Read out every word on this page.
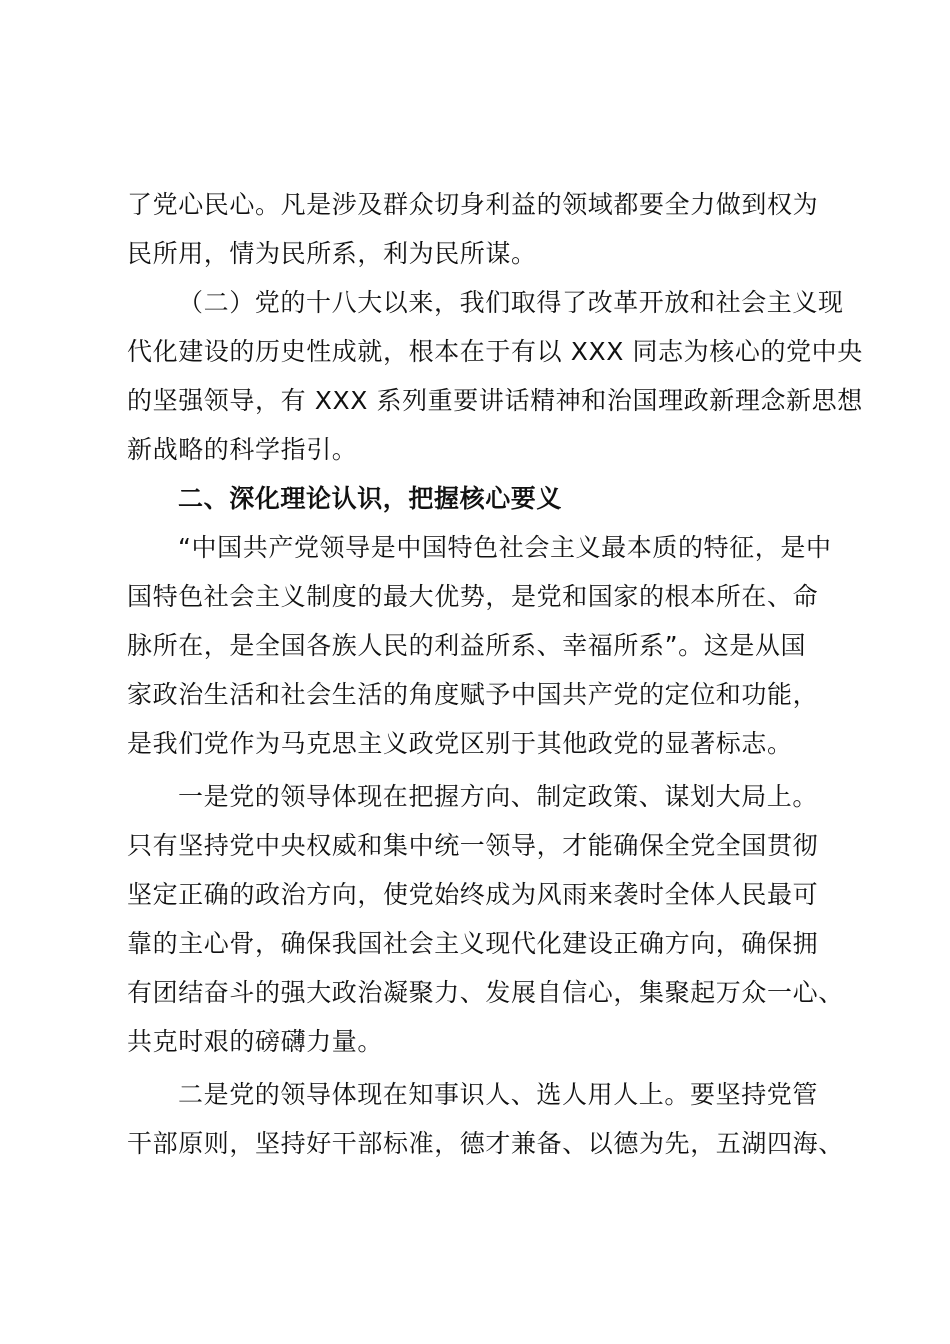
了党心民心。凡是涉及群众切身利益的领域都要全力做到权为
民所用，情为民所系，利为民所谋。
（二）党的十八大以来，我们取得了改革开放和社会主义现
代化建设的历史性成就，根本在于有以 XXX 同志为核心的党中央
的坚强领导，有 XXX 系列重要讲话精神和治国理政新理念新思想
新战略的科学指引。
二、深化理论认识，把握核心要义
“中国共产党领导是中国特色社会主义最本质的特征，是中
国特色社会主义制度的最大优势，是党和国家的根本所在、命
脉所在，是全国各族人民的利益所系、幸福所系”。这是从国
家政治生活和社会生活的角度赋予中国共产党的定位和功能，
是我们党作为马克思主义政党区别于其他政党的显著标志。
一是党的领导体现在把握方向、制定政策、谋划大局上。
只有坚持党中央权威和集中统一领导，才能确保全党全国贯彻
坚定正确的政治方向，使党始终成为风雨来袭时全体人民最可
靠的主心骨，确保我国社会主义现代化建设正确方向，确保拥
有团结奋斗的强大政治凝聚力、发展自信心，集聚起万众一心、
共克时艰的磅礴力量。
二是党的领导体现在知事识人、选人用人上。要坚持党管
干部原则，坚持好干部标准，德才兼备、以德为先，五湖四海、
